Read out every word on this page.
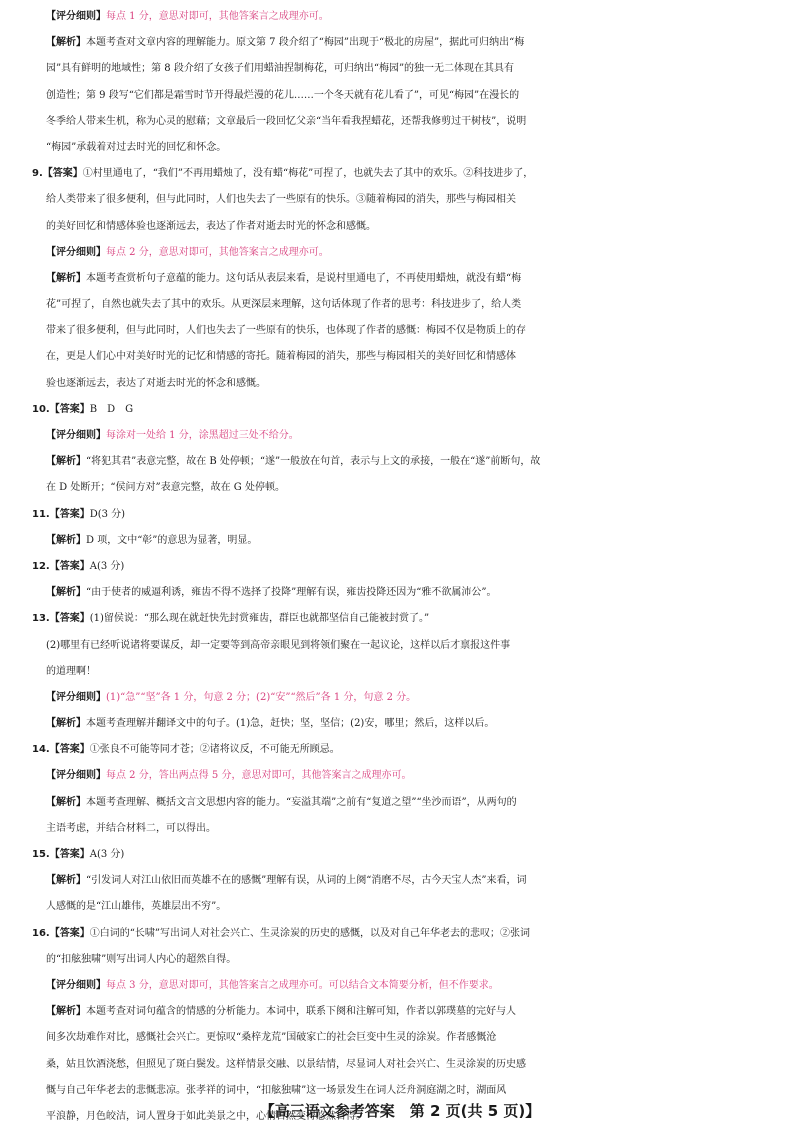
【评分细则】每点 1 分，意思对即可，其他答案言之成理亦可。
【解析】本题考查对文章内容的理解能力。原文第 7 段介绍了“梅园”出现于“极北的房屋”，据此可归纳出“梅
园”具有鲜明的地域性；第 8 段介绍了女孩子们用蜡油捏制梅花，可归纳出“梅园”的独一无二体现在其具有
创造性；第 9 段写“它们都是霜雪时节开得最烂漫的花儿……一个冬天就有花儿看了”，可见“梅园”在漫长的
冬季给人带来生机，称为心灵的慰藉；文章最后一段回忆父亲“当年看我捏蜡花，还帮我修剪过干树枝”，说明
“梅园”承载着对过去时光的回忆和怀念。
9.【答案】①村里通电了，“我们”不再用蜡烛了，没有蜡“梅花”可捏了，也就失去了其中的欢乐。②科技进步了，
给人类带来了很多便利，但与此同时，人们也失去了一些原有的快乐。③随着梅园的消失，那些与梅园相关
的美好回忆和情感体验也逐渐远去，表达了作者对逝去时光的怀念和感慨。
【评分细则】每点 2 分，意思对即可，其他答案言之成理亦可。
【解析】本题考查赏析句子意蕴的能力。这句话从表层来看，是说村里通电了，不再使用蜡烛，就没有蜡“梅
花”可捏了，自然也就失去了其中的欢乐。从更深层来理解，这句话体现了作者的思考：科技进步了，给人类
带来了很多便利，但与此同时，人们也失去了一些原有的快乐，也体现了作者的感慨：梅园不仅是物质上的存
在，更是人们心中对美好时光的记忆和情感的寄托。随着梅园的消失，那些与梅园相关的美好回忆和情感体
验也逐渐远去，表达了对逝去时光的怀念和感慨。
10.【答案】B　D　G
【评分细则】每涂对一处给 1 分，涂黑超过三处不给分。
【解析】“将犯其君”表意完整，故在 B 处停顿；“遂”一般放在句首，表示与上文的承接，一般在“遂”前断句，故
在 D 处断开；“侯问方对”表意完整，故在 G 处停顿。
11.【答案】D(3 分)
【解析】D 项，文中“彰”的意思为显著，明显。
12.【答案】A(3 分)
【解析】“由于使者的威逼利诱，雍齿不得不选择了投降”理解有误，雍齿投降还因为“雅不欲属沛公”。
13.【答案】(1)留侯说：“那么现在就赶快先封赏雍齿，群臣也就都坚信自己能被封赏了。”
(2)哪里有已经听说诸将要谋反，却一定要等到高帝亲眼见到将领们聚在一起议论，这样以后才禀报这件事
的道理啊！
【评分细则】(1)“急”“坚”各 1 分，句意 2 分；(2)“安”“然后”各 1 分，句意 2 分。
【解析】本题考查理解并翻译文中的句子。(1)急，赶快；坚，坚信；(2)安，哪里；然后，这样以后。
14.【答案】①张良不可能等同才苍；②诸将议反，不可能无所顾忌。
【评分细则】每点 2 分，答出两点得 5 分，意思对即可，其他答案言之成理亦可。
【解析】本题考查理解、概括文言文思想内容的能力。“妄溢其端”之前有“复道之望”“坐沙而语”，从两句的
主语考虑，并结合材料二，可以得出。
15.【答案】A(3 分)
【解析】“引发词人对江山依旧而英雄不在的感慨”理解有误，从词的上阕“消磨不尽，古今天宝人杰”来看，词
人感慨的是“江山雄伟，英雄层出不穷”。
16.【答案】①白词的“长啸”写出词人对社会兴亡、生灵涂炭的历史的感慨，以及对自己年华老去的悲叹；②张词
的“扣舷独啸”则写出词人内心的超然自得。
【评分细则】每点 3 分，意思对即可，其他答案言之成理亦可。可以结合文本简要分析，但不作要求。
【解析】本题考查对词句蕴含的情感的分析能力。本词中，联系下阕和注解可知，作者以郭璞墓的完好与人
间多次劫难作对比，感慨社会兴亡。更惊叹“桑梓龙荒”国破家亡的社会巨变中生灵的涂炭。作者感慨沧
桑，姑且饮酒浇愁，但照见了斑白鬓发。这样情景交融、以景结情，尽显词人对社会兴亡、生灵涂炭的历史感
慨与自己年华老去的悲慨悲凉。张孝祥的词中，“扣舷独啸”这一场景发生在词人泛舟洞庭湖之时，湖面风
平浪静，月色皎洁，词人置身于如此美景之中，心情自然变得悠然自得。
【高三语文参考答案　第 2 页(共 5 页)】
